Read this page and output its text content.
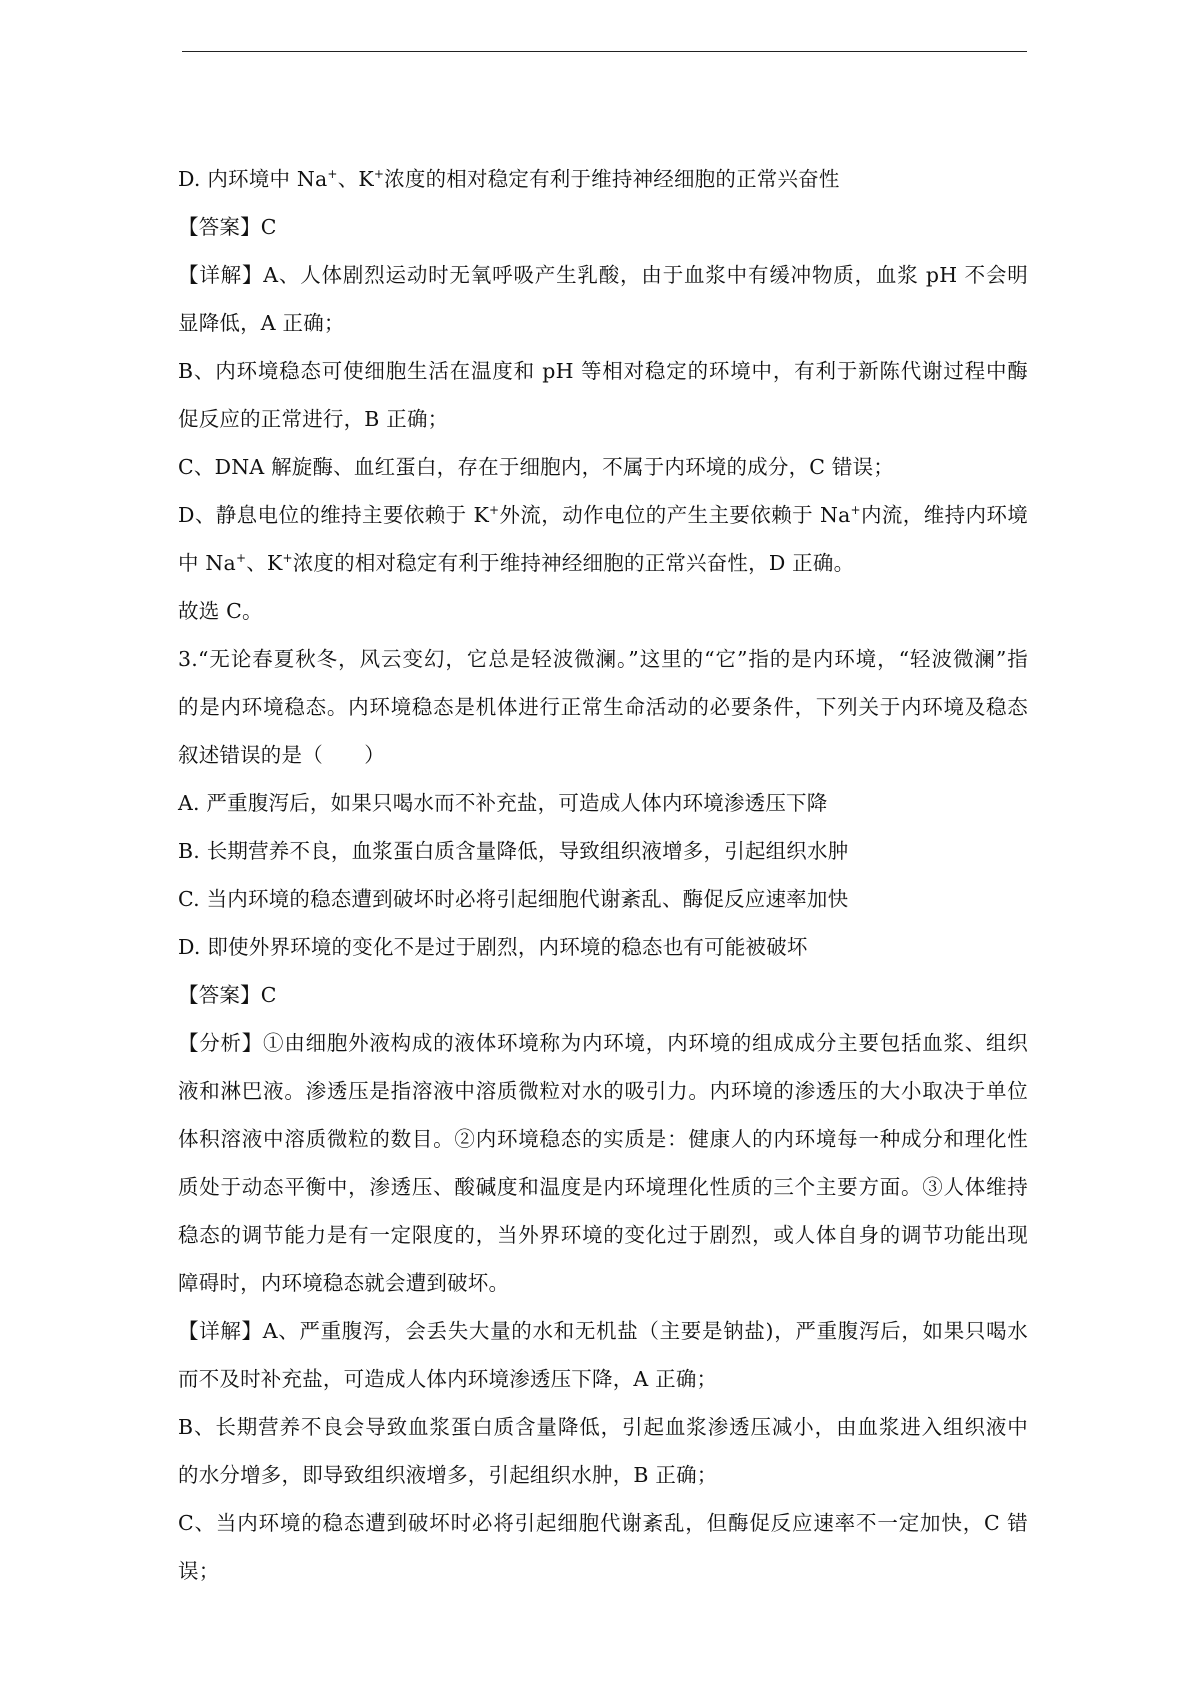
D. 内环境中 Na+、K+浓度的相对稳定有利于维持神经细胞的正常兴奋性
【答案】C
【详解】A、人体剧烈运动时无氧呼吸产生乳酸，由于血浆中有缓冲物质，血浆 pH 不会明
显降低，A 正确；
B、内环境稳态可使细胞生活在温度和 pH 等相对稳定的环境中，有利于新陈代谢过程中酶
促反应的正常进行，B 正确；
C、DNA 解旋酶、血红蛋白，存在于细胞内，不属于内环境的成分，C 错误；
D、静息电位的维持主要依赖于 K+外流，动作电位的产生主要依赖于 Na+内流，维持内环境
中 Na+、K+浓度的相对稳定有利于维持神经细胞的正常兴奋性，D 正确。
故选 C。
3.“无论春夏秋冬，风云变幻，它总是轻波微澜。”这里的“它”指的是内环境，“轻波微澜”指
的是内环境稳态。内环境稳态是机体进行正常生命活动的必要条件，下列关于内环境及稳态
叙述错误的是（　　）
A. 严重腹泻后，如果只喝水而不补充盐，可造成人体内环境渗透压下降
B. 长期营养不良，血浆蛋白质含量降低，导致组织液增多，引起组织水肿
C. 当内环境的稳态遭到破坏时必将引起细胞代谢紊乱、酶促反应速率加快
D. 即使外界环境的变化不是过于剧烈，内环境的稳态也有可能被破坏
【答案】C
【分析】①由细胞外液构成的液体环境称为内环境，内环境的组成成分主要包括血浆、组织
液和淋巴液。渗透压是指溶液中溶质微粒对水的吸引力。内环境的渗透压的大小取决于单位
体积溶液中溶质微粒的数目。②内环境稳态的实质是：健康人的内环境每一种成分和理化性
质处于动态平衡中，渗透压、酸碱度和温度是内环境理化性质的三个主要方面。③人体维持
稳态的调节能力是有一定限度的，当外界环境的变化过于剧烈，或人体自身的调节功能出现
障碍时，内环境稳态就会遭到破坏。
【详解】A、严重腹泻，会丢失大量的水和无机盐（主要是钠盐)，严重腹泻后，如果只喝水
而不及时补充盐，可造成人体内环境渗透压下降，A 正确；
B、长期营养不良会导致血浆蛋白质含量降低，引起血浆渗透压减小，由血浆进入组织液中
的水分增多，即导致组织液增多，引起组织水肿，B 正确；
C、当内环境的稳态遭到破坏时必将引起细胞代谢紊乱，但酶促反应速率不一定加快，C 错
误；
